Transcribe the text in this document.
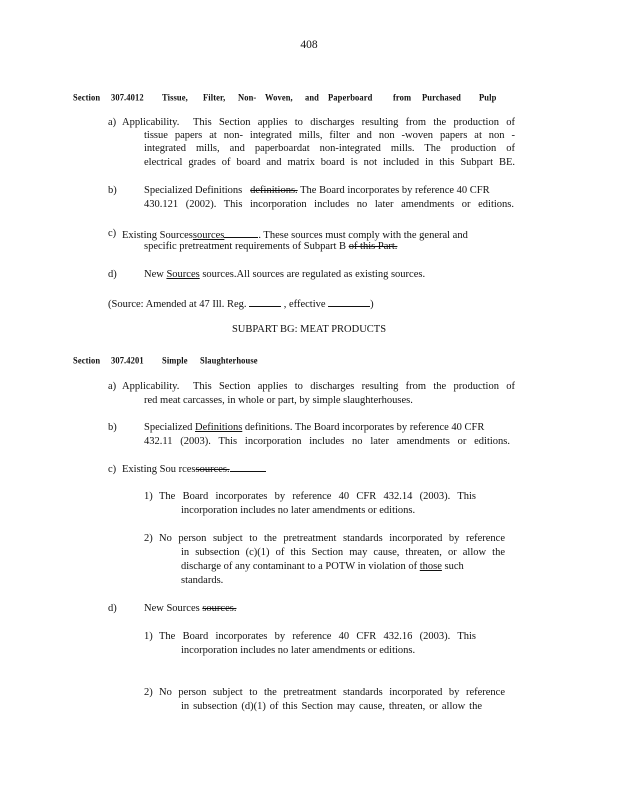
408
Section 307.4012 Tissue, Filter, Non- Woven, and Paperboard from Purchased Pulp
a) Applicability. This Section applies to discharges resulting from the production of
tissue papers at non- integrated mills, filter and non -woven papers at non -
integrated mills, and paperboardat non-integrated mills. The production of
electrical grades of board and matrix board is not included in this Subpart BE.
b)	Specialized Definitions definitions. The Board incorporates by reference 40 CFR
430.121 (2002). This incorporation includes no later amendments or editions.
c) Existing Sourcessources	. These sources must comply with the general and
specific pretreatment requirements of Subpart B of this Part.
d)	New Sources sources.All sources are regulated as existing sources.
(Source: Amended at 47 Ill. Reg.	, effective	)
SUBPART BG: MEAT PRODUCTS
Section 307.4201 Simple Slaughterhouse
a) Applicability. This Section applies to discharges resulting from the production of
red meat carcasses, in whole or part, by simple slaughterhouses.
b)	Specialized Definitions definitions. The Board incorporates by reference 40 CFR
432.11 (2003). This incorporation includes no later amendments or editions.
c) Existing Sou rcessources.
1) The Board incorporates by reference 40 CFR 432.14 (2003). This
incorporation includes no later amendments or editions.
2) No person subject to the pretreatment standards incorporated by reference
in subsection (c)(1) of this Section may cause, threaten, or allow the
discharge of any contaminant to a POTW in violation of those such
standards.
d)	New Sources sources.
1) The Board incorporates by reference 40 CFR 432.16 (2003). This
incorporation includes no later amendments or editions.
2) No person subject to the pretreatment standards incorporated by reference
in subsection (d)(1) of this Section may cause, threaten, or allow the
